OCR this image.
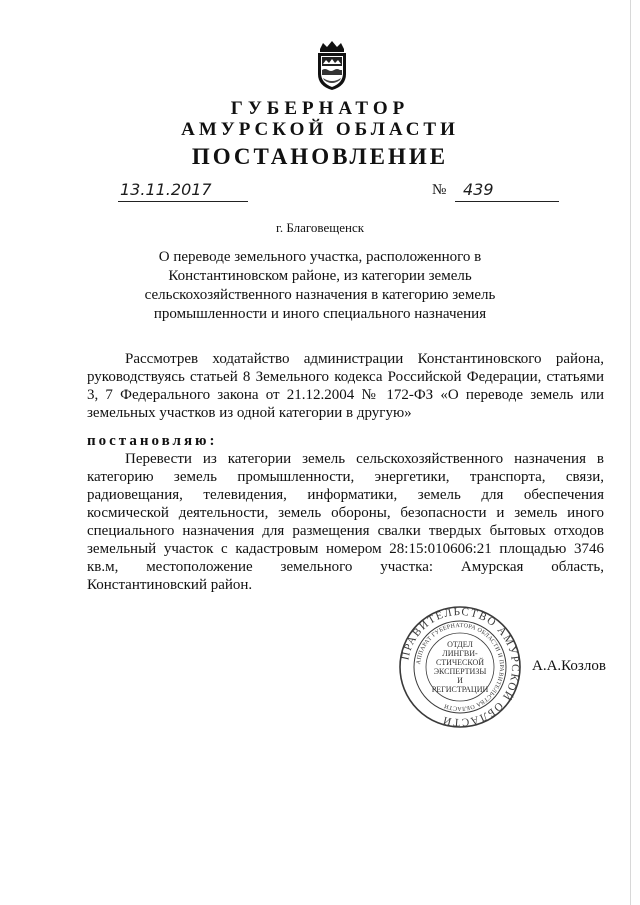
ГУБЕРНАТОР
АМУРСКОЙ ОБЛАСТИ
ПОСТАНОВЛЕНИЕ
13.11.2017	№ 439
г. Благовещенск
О переводе земельного участка, расположенного в Константиновском районе, из категории земель сельскохозяйственного назначения в категорию земель промышленности и иного специального назначения
Рассмотрев ходатайство администрации Константиновского района, руководствуясь статьей 8 Земельного кодекса Российской Федерации, статьями 3, 7 Федерального закона от 21.12.2004 № 172-ФЗ «О переводе земель или земельных участков из одной категории в другую»
постановляю:
Перевести из категории земель сельскохозяйственного назначения в категорию земель промышленности, энергетики, транспорта, связи, радиовещания, телевидения, информатики, земель для обеспечения космической деятельности, земель обороны, безопасности и земель иного специального назначения для размещения свалки твердых бытовых отходов земельный участок с кадастровым номером 28:15:010606:21 площадью 3746 кв.м, местоположение земельного участка: Амурская область, Константиновский район.
ПРАВИТЕЛЬСТВО АМУРСКОЙ ОБЛАСТИ
АППАРАТ ГУБЕРНАТОРА ОБЛАСТИ И ПРАВИТЕЛЬСТВА ОБЛАСТИ
ОТДЕЛ
ЛИНГВИ-
СТИЧЕСКОЙ
ЭКСПЕРТИЗЫ И
РЕГИСТРАЦИИ
А.А.Козлов
